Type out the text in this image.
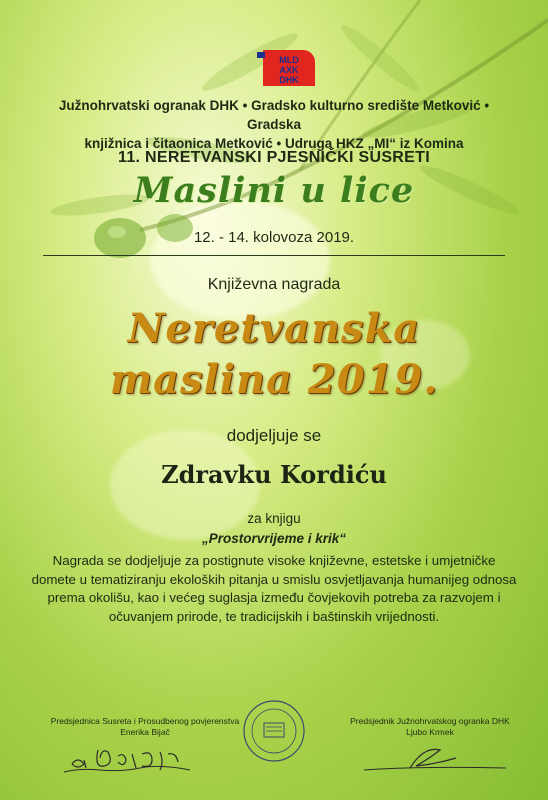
MLD
AXK
DHK
Južnohrvatski ogranak DHK • Gradsko kulturno središte Metković • Gradska
knjižnica i čitaonica Metković • Udruga HKZ „MI“ iz Komina
11. NERETVANSKI PJESNIČKI SUSRETI
Maslini u lice
12. - 14. kolovoza 2019.
Književna nagrada
Neretvanska
maslina 2019.
dodjeljuje se
Zdravku Kordiću
za knjigu
„Prostorvrijeme i krik“
Nagrada se dodjeljuje za postignute visoke književne, estetske i umjetničke domete u tematiziranju ekoloških pitanja u smislu osvjetljavanja humanijeg odnosa prema okolišu, kao i većeg suglasja između čovjekovih potreba za razvojem i očuvanjem prirode, te tradicijskih i baštinskih vrijednosti.
Predsjednica Susreta i Prosudbenog povjerenstva
Enerika Bijač
Predsjednik Južnohrvatskog ogranka DHK
Ljubo Krmek
